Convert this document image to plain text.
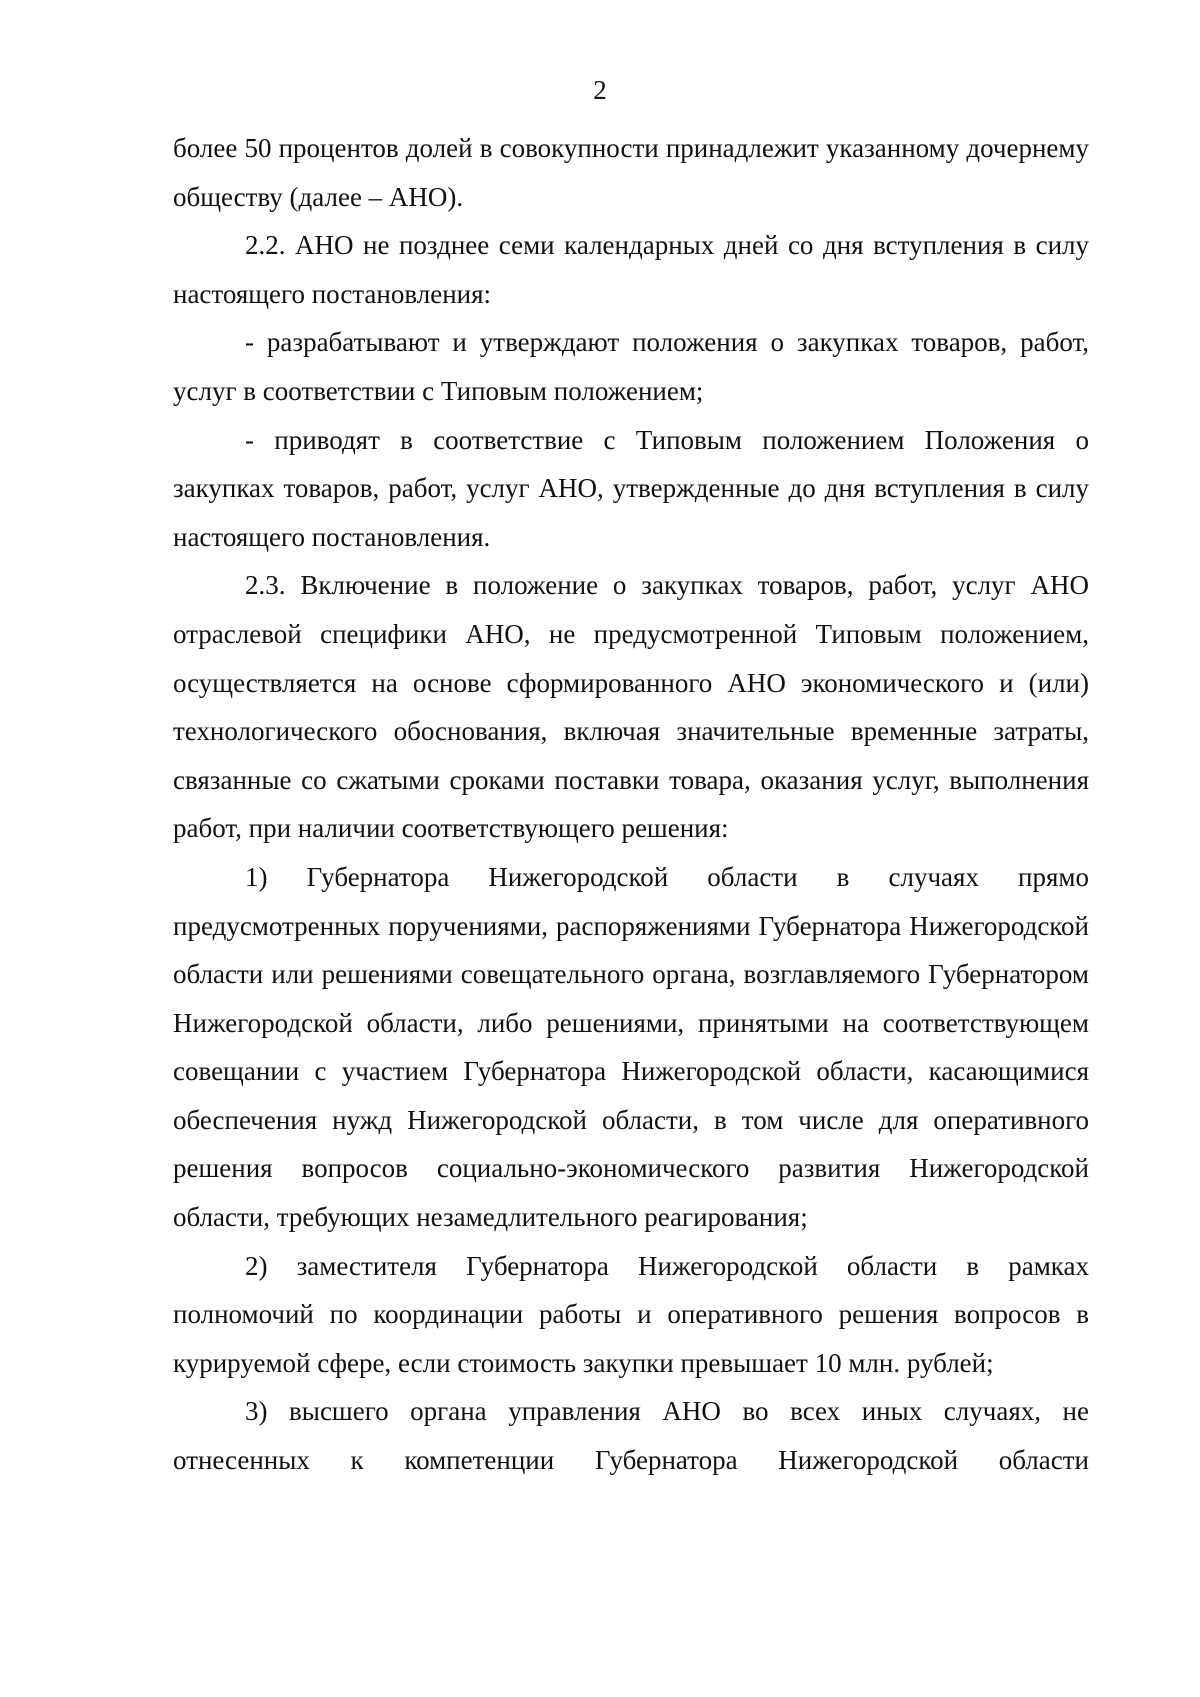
2

более 50 процентов долей в совокупности принадлежит указанному дочернему обществу (далее – АНО).

2.2. АНО не позднее семи календарных дней со дня вступления в силу настоящего постановления:

- разрабатывают и утверждают положения о закупках товаров, работ, услуг в соответствии с Типовым положением;

- приводят в соответствие с Типовым положением Положения о закупках товаров, работ, услуг АНО, утвержденные до дня вступления в силу настоящего постановления.

2.3. Включение в положение о закупках товаров, работ, услуг АНО отраслевой специфики АНО, не предусмотренной Типовым положением, осуществляется на основе сформированного АНО экономического и (или) технологического обоснования, включая значительные временные затраты, связанные со сжатыми сроками поставки товара, оказания услуг, выполнения работ, при наличии соответствующего решения:

1) Губернатора Нижегородской области в случаях прямо предусмотренных поручениями, распоряжениями Губернатора Нижегородской области или решениями совещательного органа, возглавляемого Губернатором Нижегородской области, либо решениями, принятыми на соответствующем совещании с участием Губернатора Нижегородской области, касающимися обеспечения нужд Нижегородской области, в том числе для оперативного решения вопросов социально-экономического развития Нижегородской области, требующих незамедлительного реагирования;

2) заместителя Губернатора Нижегородской области в рамках полномочий по координации работы и оперативного решения вопросов в курируемой сфере, если стоимость закупки превышает 10 млн. рублей;

3) высшего органа управления АНО во всех иных случаях, не отнесенных к компетенции Губернатора Нижегородской области
